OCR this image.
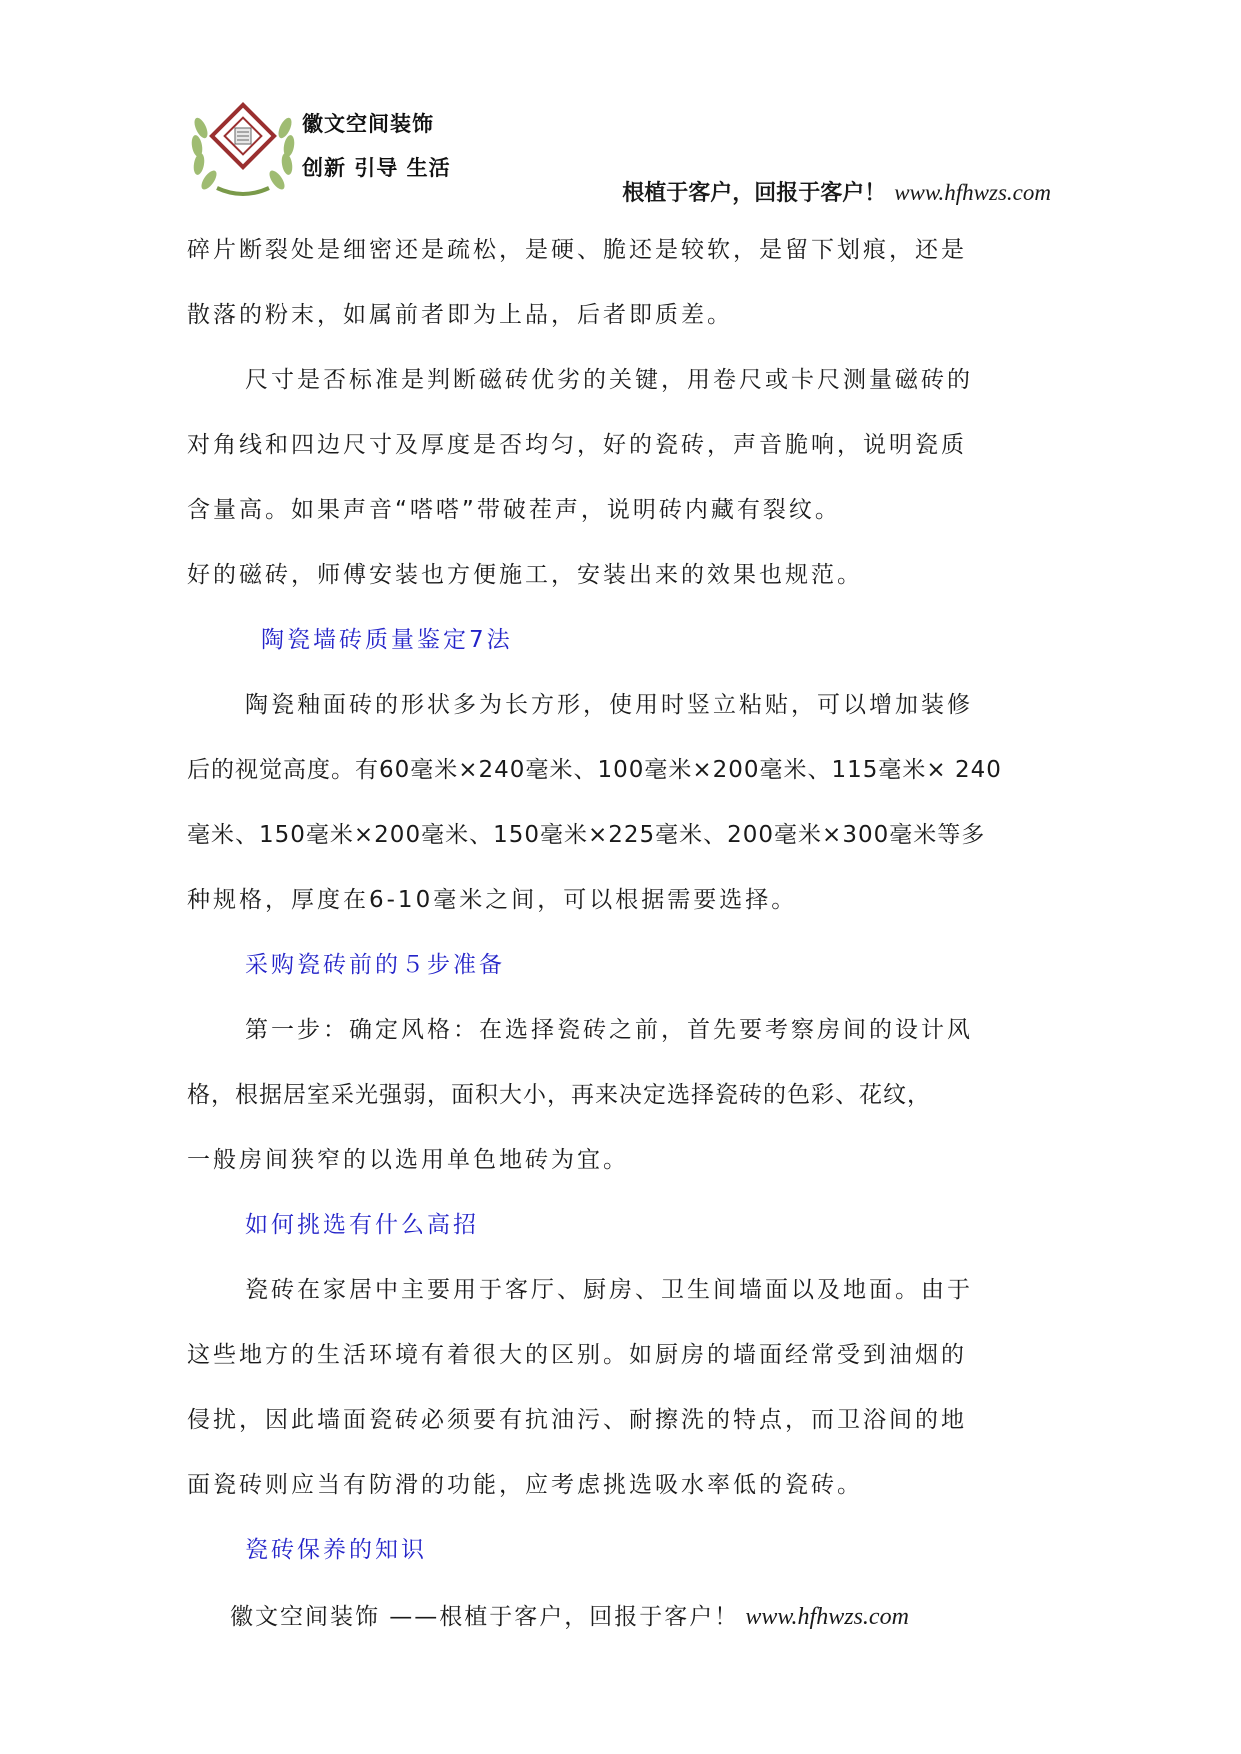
徽文空间装饰
创新 引导 生活
根植于客户，回报于客户！ www.hfhwzs.com
碎片断裂处是细密还是疏松，是硬、脆还是较软，是留下划痕，还是
散落的粉末，如属前者即为上品，后者即质差。
尺寸是否标准是判断磁砖优劣的关键，用卷尺或卡尺测量磁砖的
对角线和四边尺寸及厚度是否均匀，好的瓷砖，声音脆响，说明瓷质
含量高。如果声音“嗒嗒”带破茬声，说明砖内藏有裂纹。
好的磁砖，师傅安装也方便施工，安装出来的效果也规范。
陶瓷墙砖质量鉴定7法
陶瓷釉面砖的形状多为长方形，使用时竖立粘贴，可以增加装修
后的视觉高度。有60毫米×240毫米、100毫米×200毫米、115毫米× 240
毫米、150毫米×200毫米、150毫米×225毫米、200毫米×300毫米等多
种规格，厚度在6-10毫米之间，可以根据需要选择。
采购瓷砖前的５步准备
第一步：确定风格：在选择瓷砖之前，首先要考察房间的设计风
格，根据居室采光强弱，面积大小，再来决定选择瓷砖的色彩、花纹，
一般房间狭窄的以选用单色地砖为宜。
如何挑选有什么高招
瓷砖在家居中主要用于客厅、厨房、卫生间墙面以及地面。由于
这些地方的生活环境有着很大的区别。如厨房的墙面经常受到油烟的
侵扰，因此墙面瓷砖必须要有抗油污、耐擦洗的特点，而卫浴间的地
面瓷砖则应当有防滑的功能，应考虑挑选吸水率低的瓷砖。
瓷砖保养的知识
徽文空间装饰 ——根植于客户，回报于客户！ www.hfhwzs.com
